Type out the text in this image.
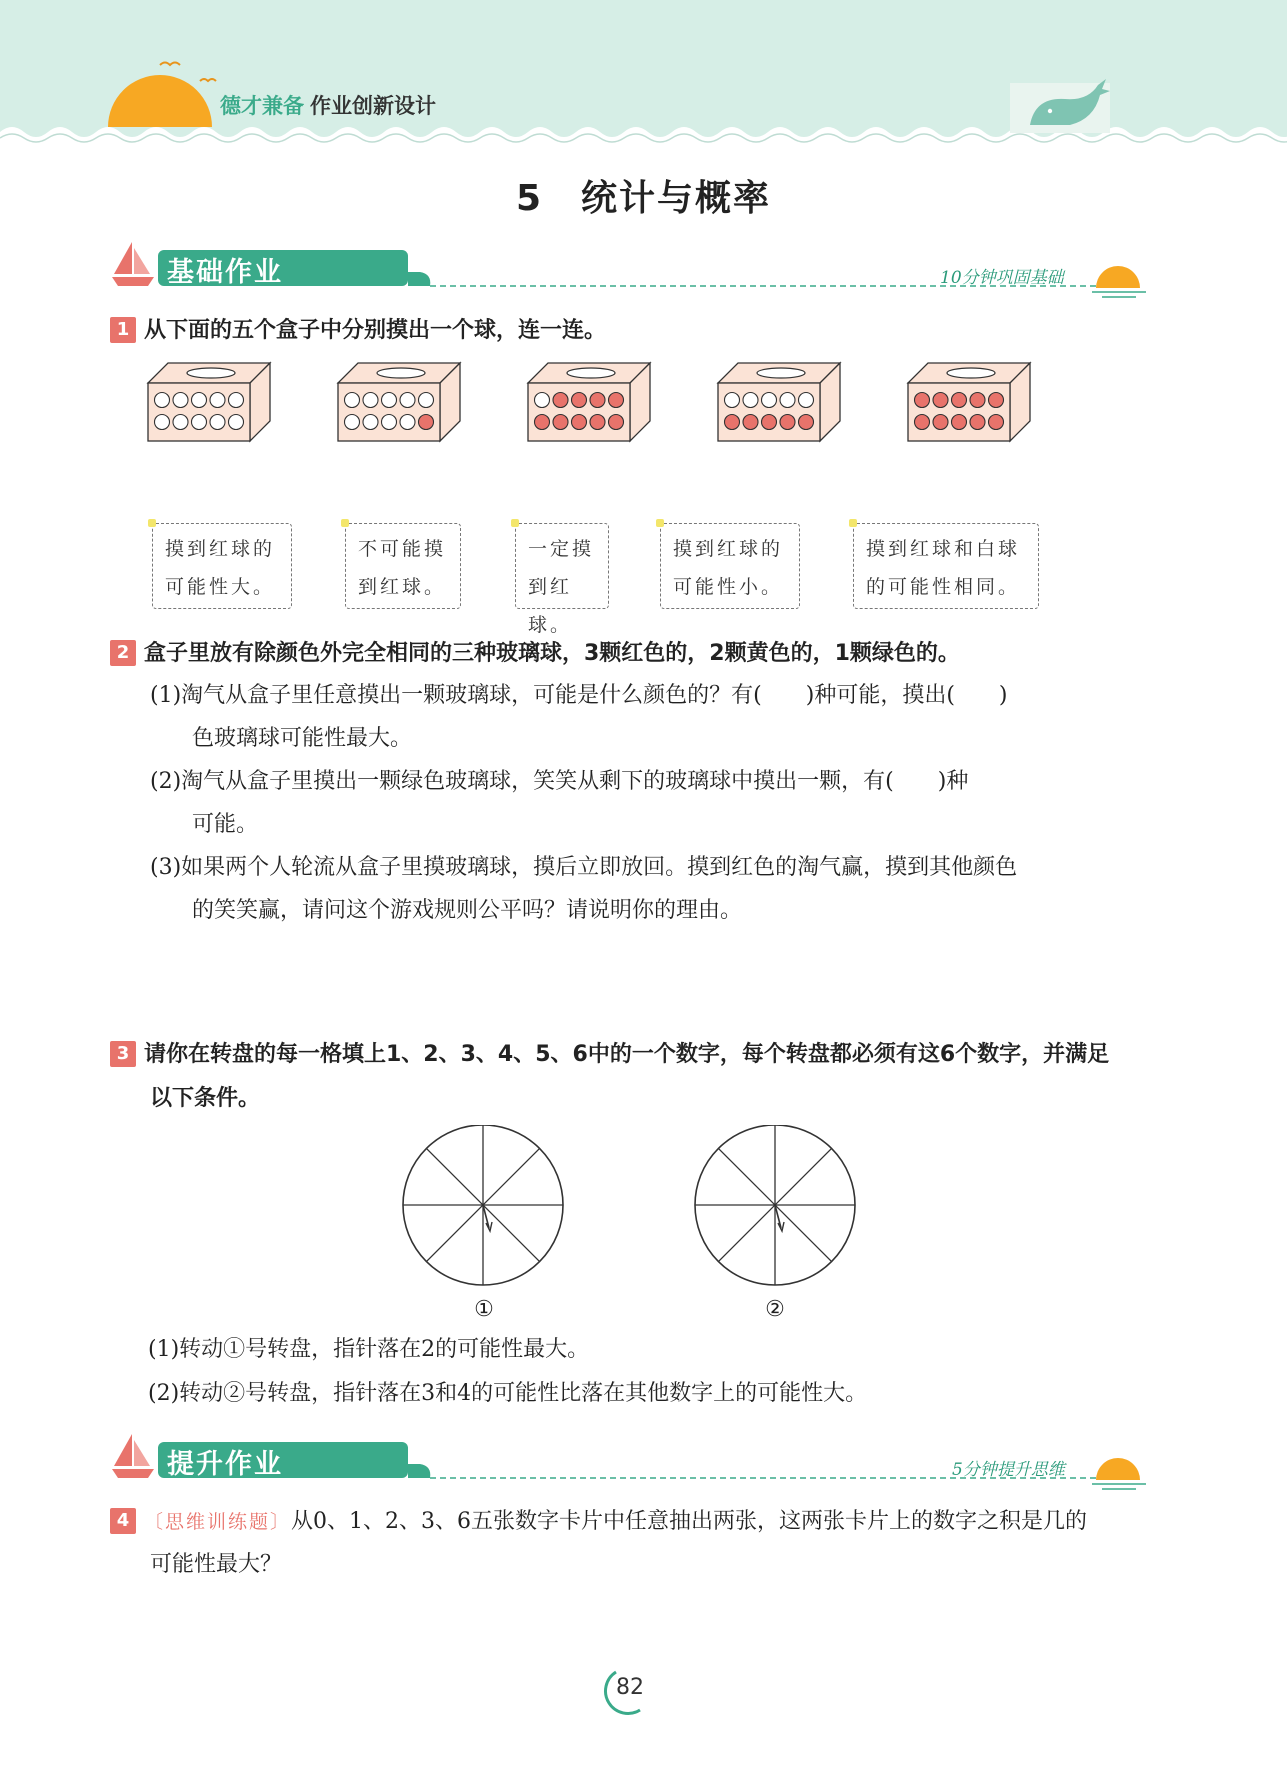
德才兼备 作业创新设计
5　统计与概率
基础作业	10分钟巩固基础
1 从下面的五个盒子中分别摸出一个球，连一连。
摸到红球的
可能性大。
不可能摸
到红球。
一定摸
到红球。
摸到红球的
可能性小。
摸到红球和白球
的可能性相同。
2 盒子里放有除颜色外完全相同的三种玻璃球，3颗红色的，2颗黄色的，1颗绿色的。
(1)淘气从盒子里任意摸出一颗玻璃球，可能是什么颜色的？有(　　)种可能，摸出(　　)
色玻璃球可能性最大。
(2)淘气从盒子里摸出一颗绿色玻璃球，笑笑从剩下的玻璃球中摸出一颗，有(　　)种
可能。
(3)如果两个人轮流从盒子里摸玻璃球，摸后立即放回。摸到红色的淘气赢，摸到其他颜色
的笑笑赢，请问这个游戏规则公平吗？请说明你的理由。
3 请你在转盘的每一格填上1、2、3、4、5、6中的一个数字，每个转盘都必须有这6个数字，并满足
以下条件。
①	②
(1)转动①号转盘，指针落在2的可能性最大。
(2)转动②号转盘，指针落在3和4的可能性比落在其他数字上的可能性大。
提升作业	5分钟提升思维
4 〔思维训练题〕从0、1、2、3、6五张数字卡片中任意抽出两张，这两张卡片上的数字之积是几的
可能性最大？
82
